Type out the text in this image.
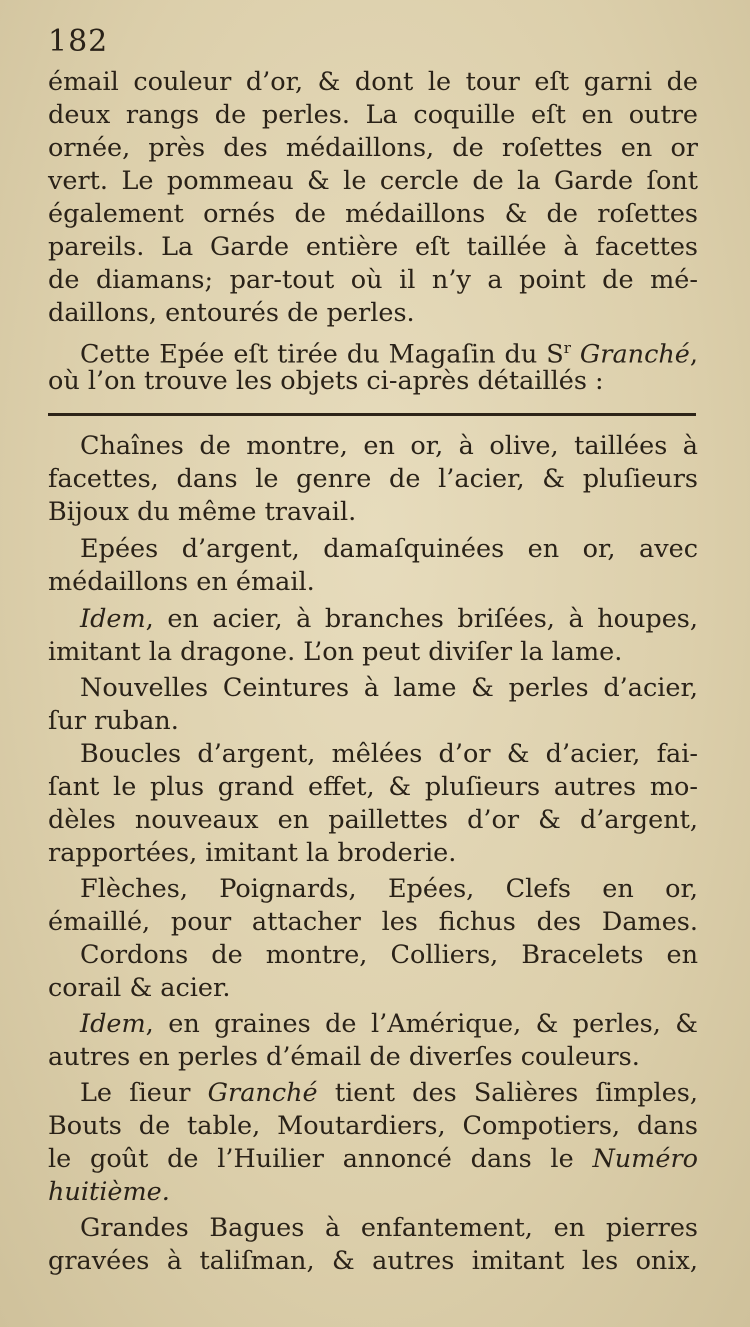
182
émail couleur d’or, & dont le tour eſt garni de
deux rangs de perles. La coquille eſt en outre
ornée, près des médaillons, de roſettes en or
vert. Le pommeau & le cercle de la Garde ſont
également ornés de médaillons & de roſettes
pareils. La Garde entière eſt taillée à facettes
de diamans; par-tout où il n’y a point de mé-
daillons, entourés de perles.
Cette Epée eſt tirée du Magaſin du $S^r$ Granché,
où l’on trouve les objets ci-après détaillés :
Chaînes de montre, en or, à olive, taillées à
facettes, dans le genre de l’acier, & pluſieurs
Bijoux du même travail.
Epées d’argent, damaſquinées en or, avec
médaillons en émail.
Idem, en acier, à branches briſées, à houpes,
imitant la dragone. L’on peut diviſer la lame.
Nouvelles Ceintures à lame & perles d’acier,
ſur ruban.
Boucles d’argent, mêlées d’or & d’acier, fai-
ſant le plus grand effet, & pluſieurs autres mo-
dèles nouveaux en paillettes d’or & d’argent,
rapportées, imitant la broderie.
Flèches, Poignards, Epées, Clefs en or,
émaillé, pour attacher les fichus des Dames.
Cordons de montre, Colliers, Bracelets en
corail & acier.
Idem, en graines de l’Amérique, & perles, &
autres en perles d’émail de diverſes couleurs.
Le ſieur Granché tient des Salières ſimples,
Bouts de table, Moutardiers, Compotiers, dans
le goût de l’Huilier annoncé dans le Numéro
huitième.
Grandes Bagues à enfantement, en pierres
gravées à taliſman, & autres imitant les onix,
